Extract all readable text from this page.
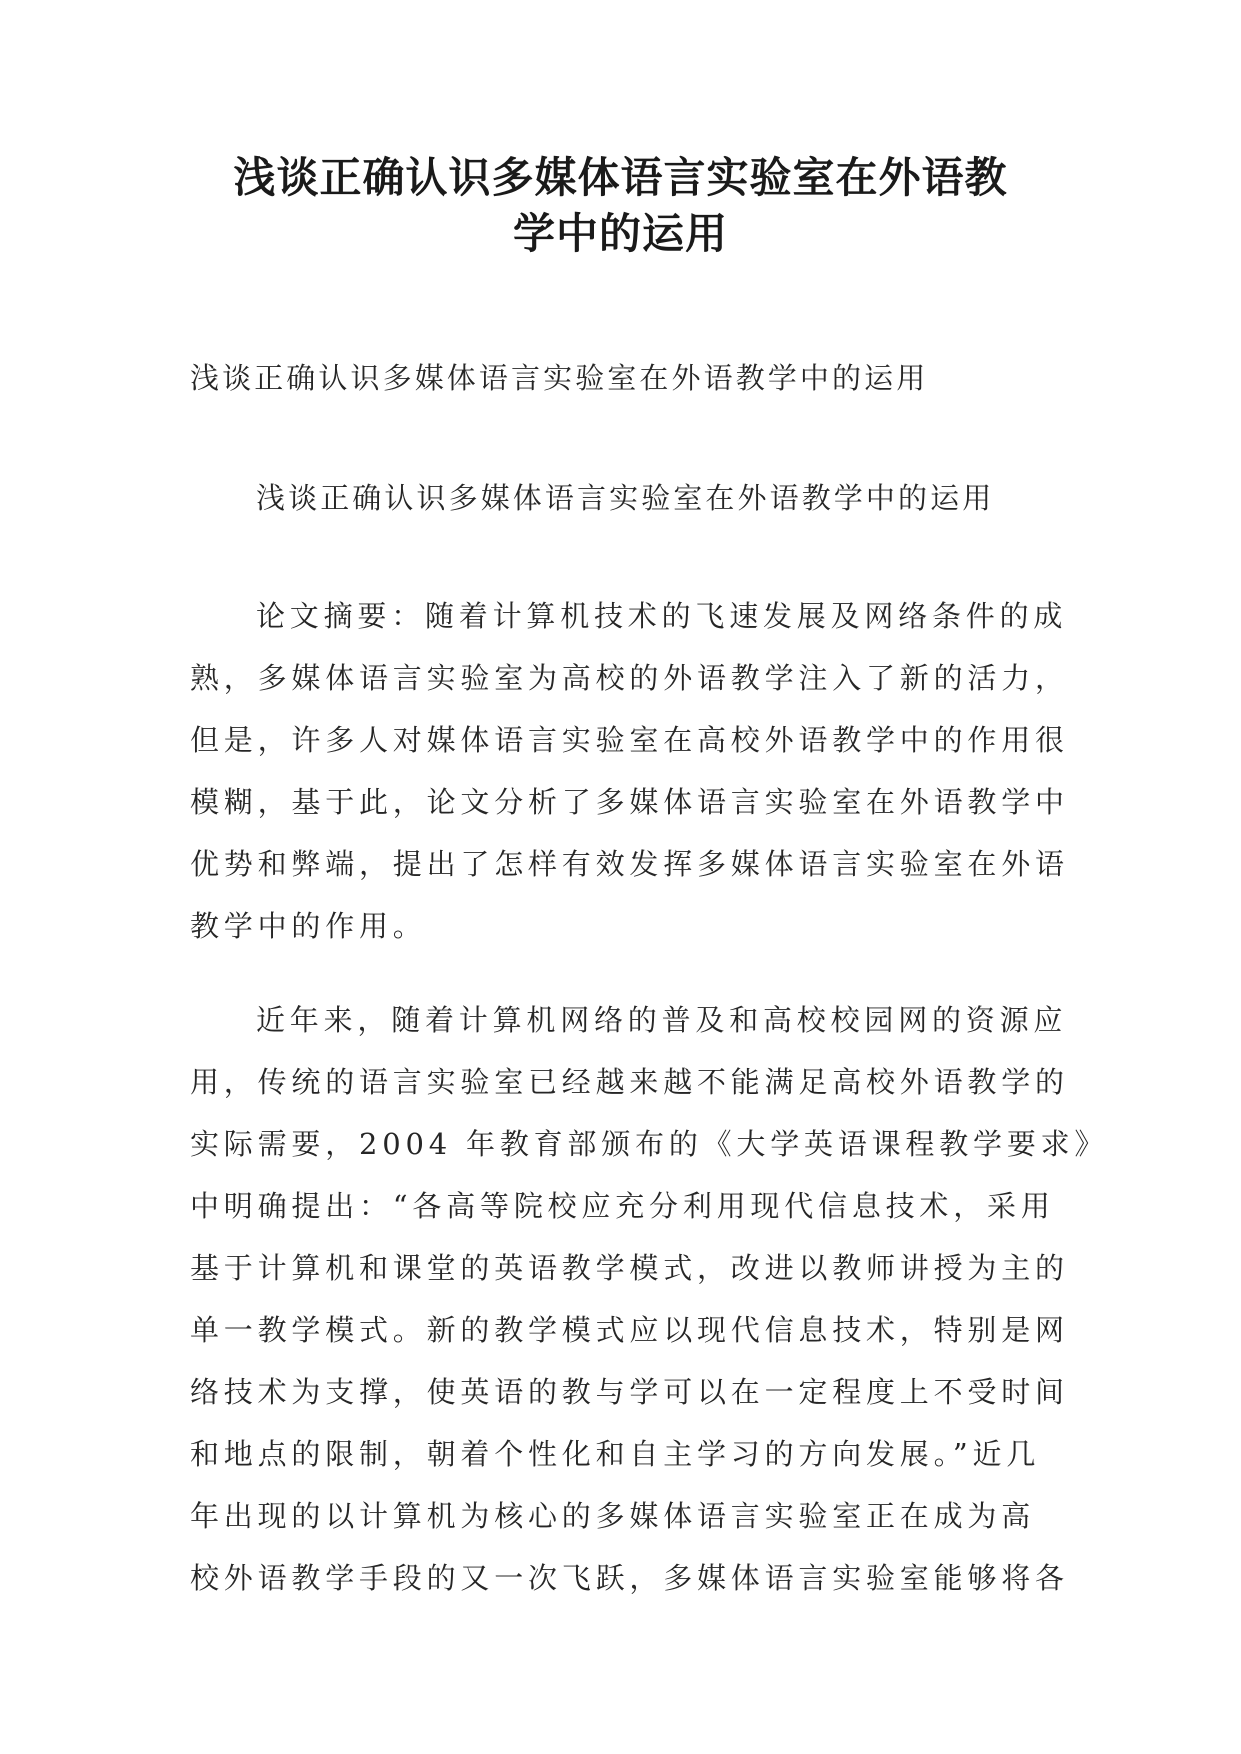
浅谈正确认识多媒体语言实验室在外语教
学中的运用

浅谈正确认识多媒体语言实验室在外语教学中的运用

浅谈正确认识多媒体语言实验室在外语教学中的运用

论文摘要：随着计算机技术的飞速发展及网络条件的成

熟，多媒体语言实验室为高校的外语教学注入了新的活力，

但是，许多人对媒体语言实验室在高校外语教学中的作用很

模糊，基于此，论文分析了多媒体语言实验室在外语教学中

优势和弊端，提出了怎样有效发挥多媒体语言实验室在外语

教学中的作用。

近年来，随着计算机网络的普及和高校校园网的资源应

用，传统的语言实验室已经越来越不能满足高校外语教学的

实际需要，2004 年教育部颁布的《大学英语课程教学要求》

中明确提出：“各高等院校应充分利用现代信息技术，采用

基于计算机和课堂的英语教学模式，改进以教师讲授为主的

单一教学模式。新的教学模式应以现代信息技术，特别是网

络技术为支撑，使英语的教与学可以在一定程度上不受时间

和地点的限制，朝着个性化和自主学习的方向发展。”近几

年出现的以计算机为核心的多媒体语言实验室正在成为高

校外语教学手段的又一次飞跃，多媒体语言实验室能够将各
